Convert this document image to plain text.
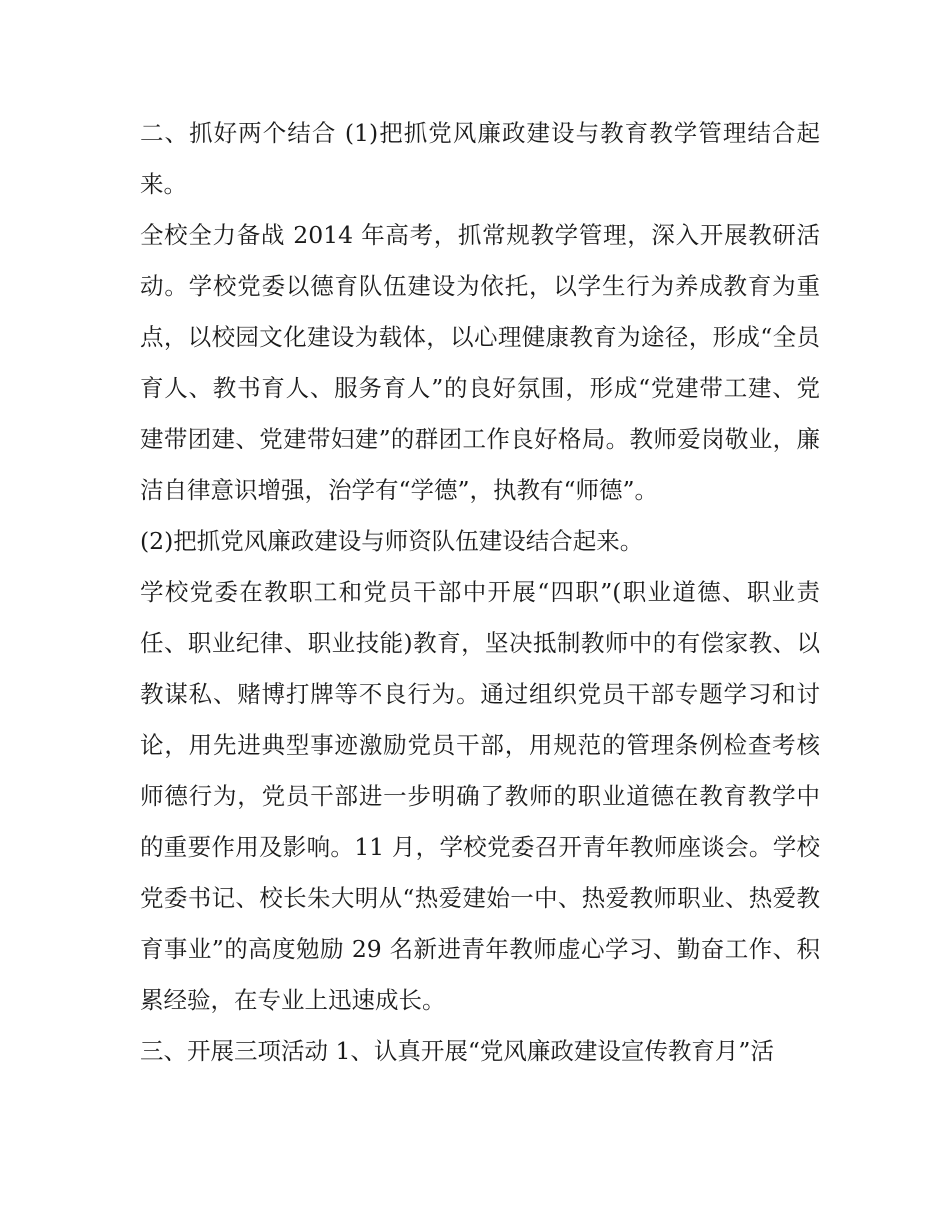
二、抓好两个结合 (1)把抓党风廉政建设与教育教学管理结合起来。

全校全力备战 2014 年高考，抓常规教学管理，深入开展教研活动。学校党委以德育队伍建设为依托，以学生行为养成教育为重点，以校园文化建设为载体，以心理健康教育为途径，形成“全员育人、教书育人、服务育人”的良好氛围，形成“党建带工建、党建带团建、党建带妇建”的群团工作良好格局。教师爱岗敬业，廉洁自律意识增强，治学有“学德”，执教有“师德”。

(2)把抓党风廉政建设与师资队伍建设结合起来。

学校党委在教职工和党员干部中开展“四职”(职业道德、职业责任、职业纪律、职业技能)教育，坚决抵制教师中的有偿家教、以教谋私、赌博打牌等不良行为。通过组织党员干部专题学习和讨论，用先进典型事迹激励党员干部，用规范的管理条例检查考核师德行为，党员干部进一步明确了教师的职业道德在教育教学中的重要作用及影响。11 月，学校党委召开青年教师座谈会。学校党委书记、校长朱大明从“热爱建始一中、热爱教师职业、热爱教育事业”的高度勉励 29 名新进青年教师虚心学习、勤奋工作、积累经验，在专业上迅速成长。

三、开展三项活动 1、认真开展“党风廉政建设宣传教育月”活
